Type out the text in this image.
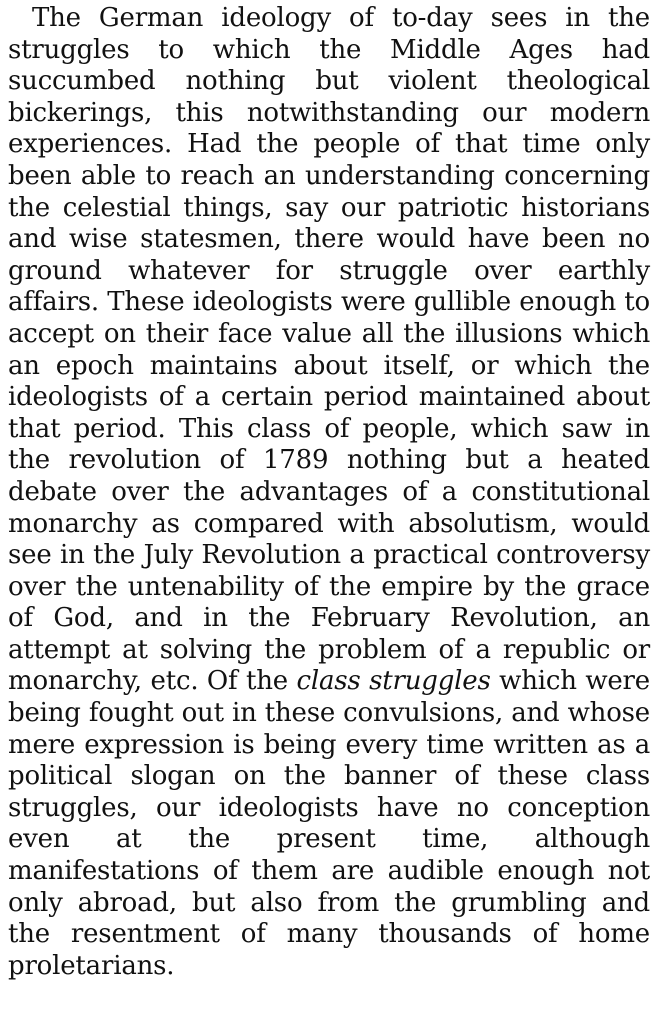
The German ideology of to-day sees in the struggles to which the Middle Ages had succumbed nothing but violent theological bickerings, this notwithstanding our modern experiences. Had the people of that time only been able to reach an understanding concerning the celestial things, say our patriotic historians and wise statesmen, there would have been no ground whatever for struggle over earthly affairs. These ideologists were gullible enough to accept on their face value all the illusions which an epoch maintains about itself, or which the ideologists of a certain period maintained about that period. This class of people, which saw in the revolution of 1789 nothing but a heated debate over the advantages of a constitutional monarchy as compared with absolutism, would see in the July Revolution a practical controversy over the untenability of the empire by the grace of God, and in the February Revolution, an attempt at solving the problem of a republic or monarchy, etc. Of the class struggles which were being fought out in these convulsions, and whose mere expression is being every time written as a political slogan on the banner of these class struggles, our ideologists have no conception even at the present time, although manifestations of them are audible enough not only abroad, but also from the grumbling and the resentment of many thousands of home proletarians.
